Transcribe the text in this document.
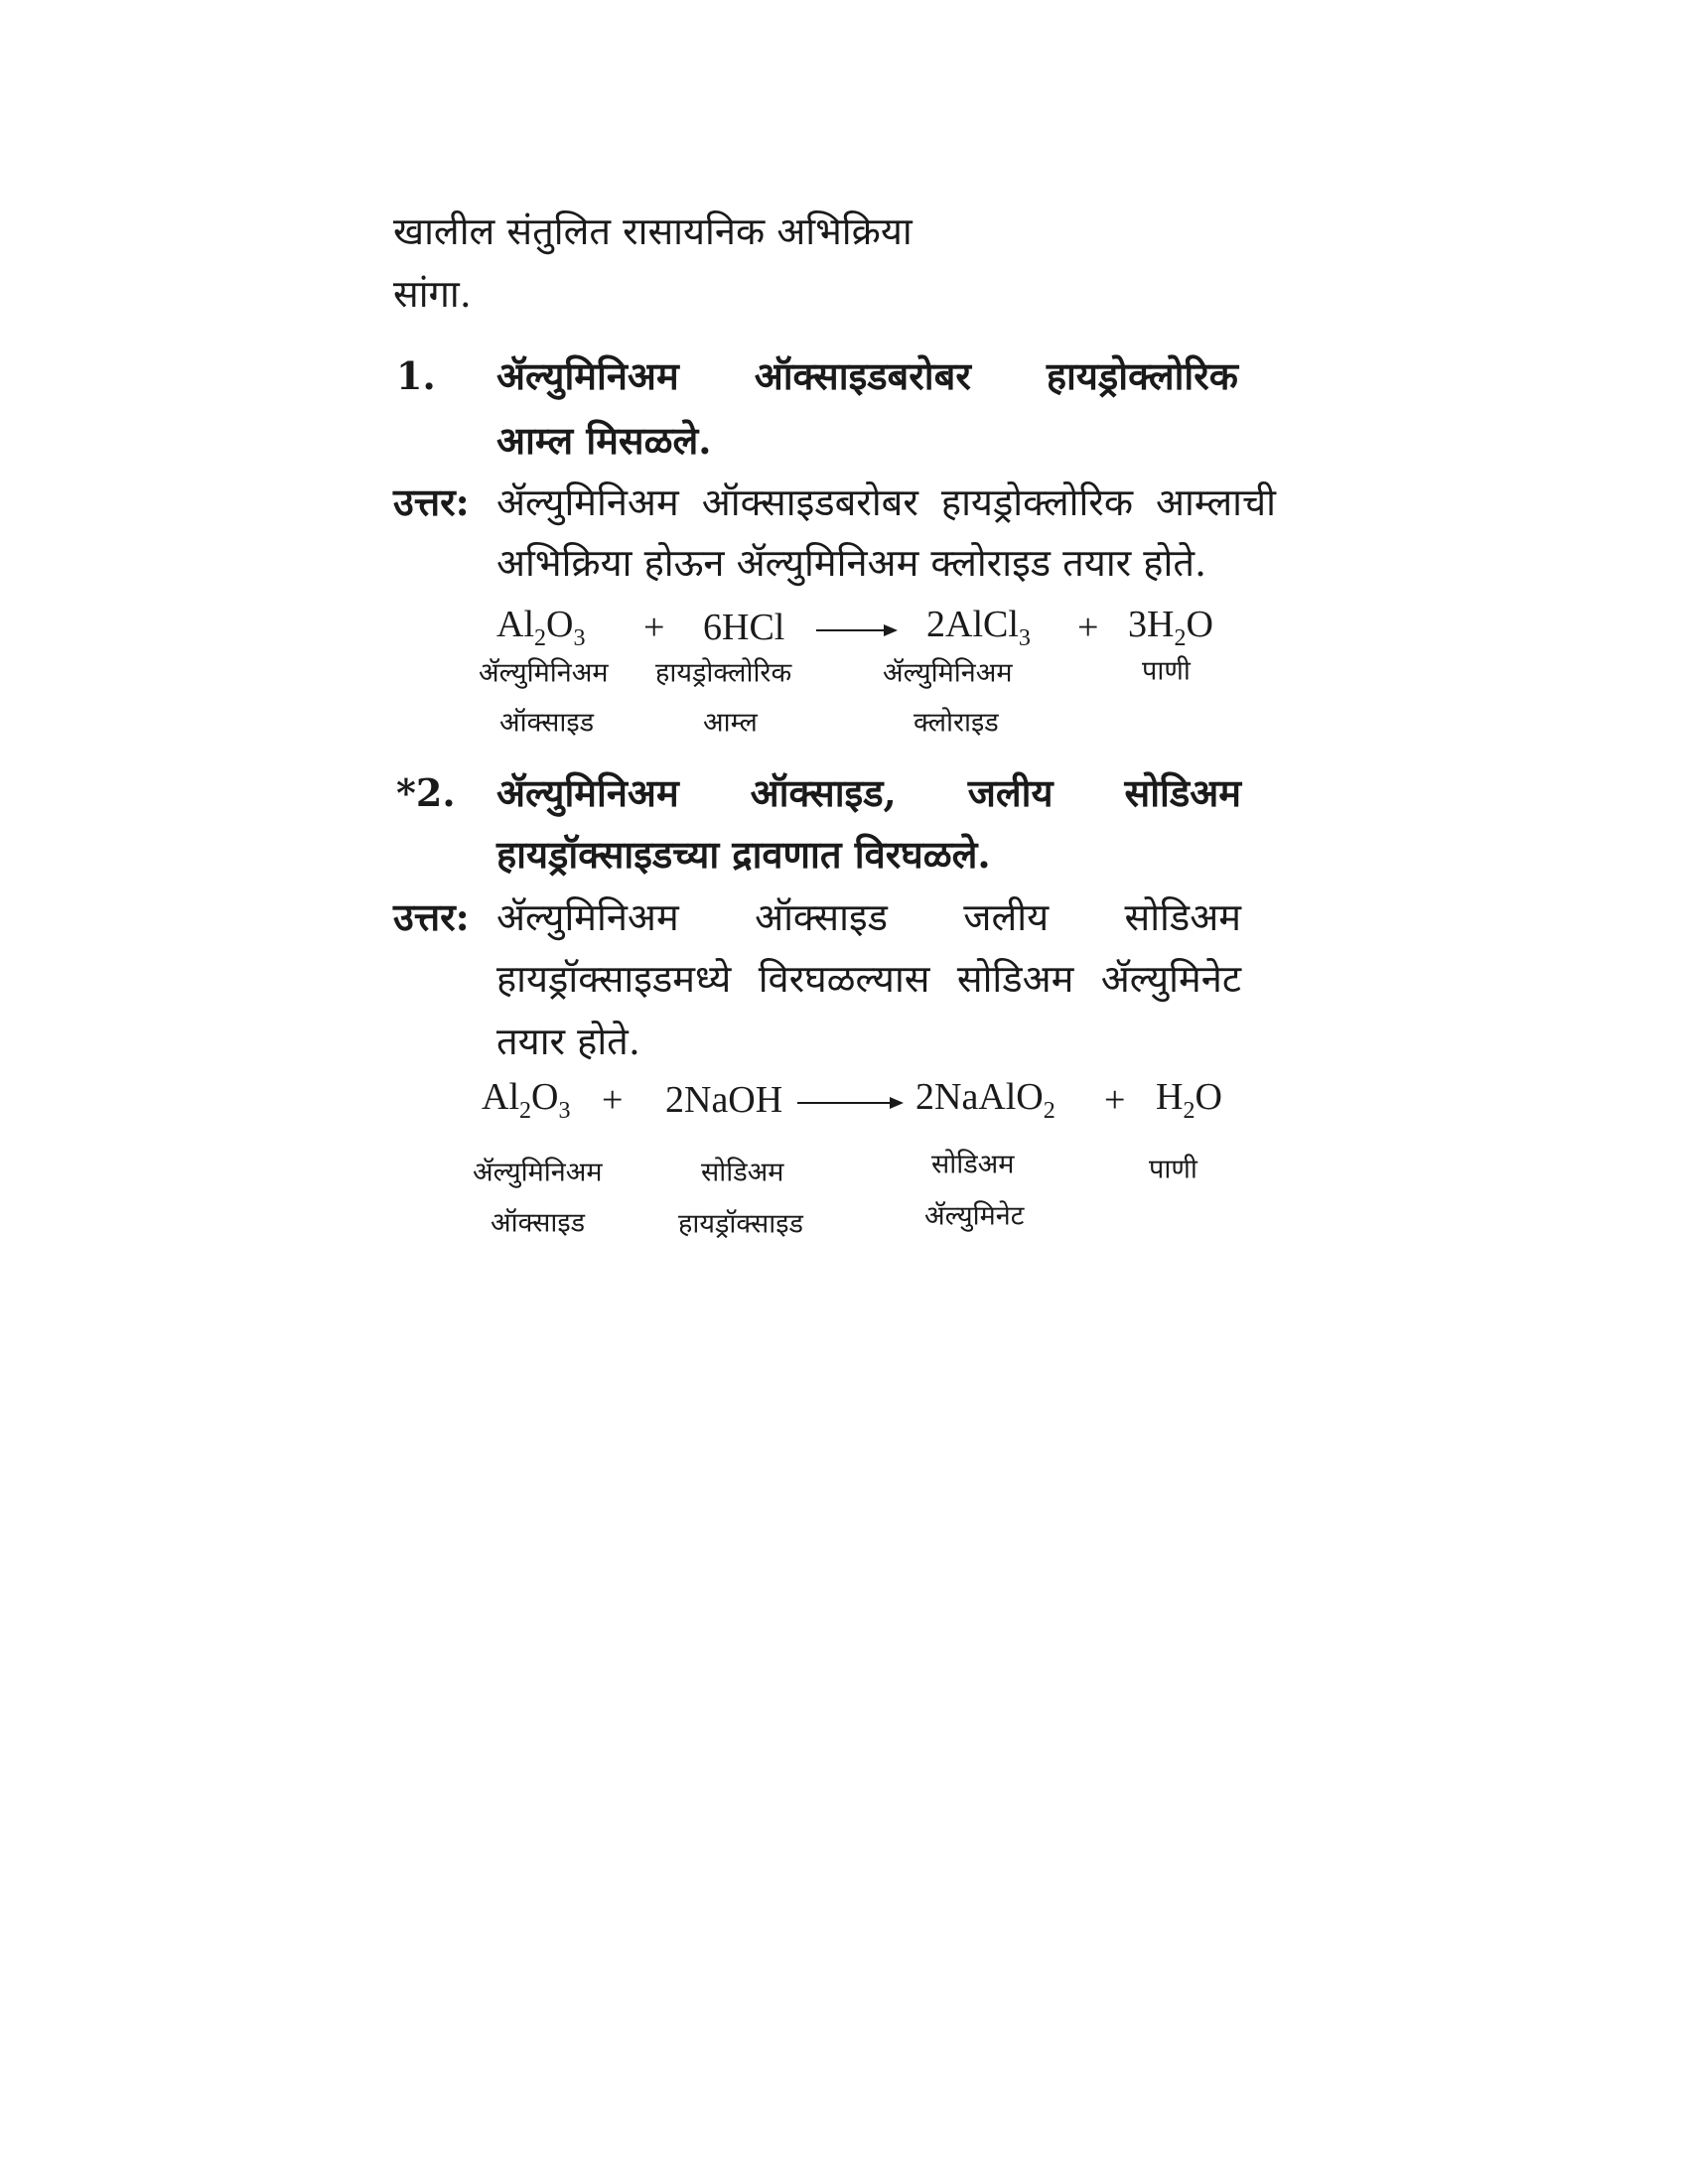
खालील संतुलित रासायनिक अभिक्रिया
सांगा.
1. ॲल्युमिनिअम ऑक्साइडबरोबर हायड्रोक्लोरिक
आम्ल मिसळले.
उत्तर: ॲल्युमिनिअम ऑक्साइडबरोबर हायड्रोक्लोरिक आम्लाची
अभिक्रिया होऊन ॲल्युमिनिअम क्लोराइड तयार होते.
$Al_2O_3 + 6HCl$	2AlCl$_3$ + $3H_2O$
ॲल्युमिनिअम
ऑक्साइड
हायड्रोक्लोरिक
आम्ल
ॲल्युमिनिअम
क्लोराइड
पाणी
*2. ॲल्युमिनिअम ऑक्साइड, जलीय सोडिअम
हायड्रॉक्साइडच्या द्रावणात विरघळले.
उत्तर: ॲल्युमिनिअम ऑक्साइड जलीय सोडिअम
हायड्रॉक्साइडमध्ये विरघळल्यास सोडिअम ॲल्युमिनेट
तयार होते.
$Al_2O_3$ + 2NaOH	2NaAlO$_2$ + $H_2O$
ॲल्युमिनिअम
ऑक्साइड
सोडिअम
हायड्रॉक्साइड
सोडिअम
ॲल्युमिनेट
पाणी
